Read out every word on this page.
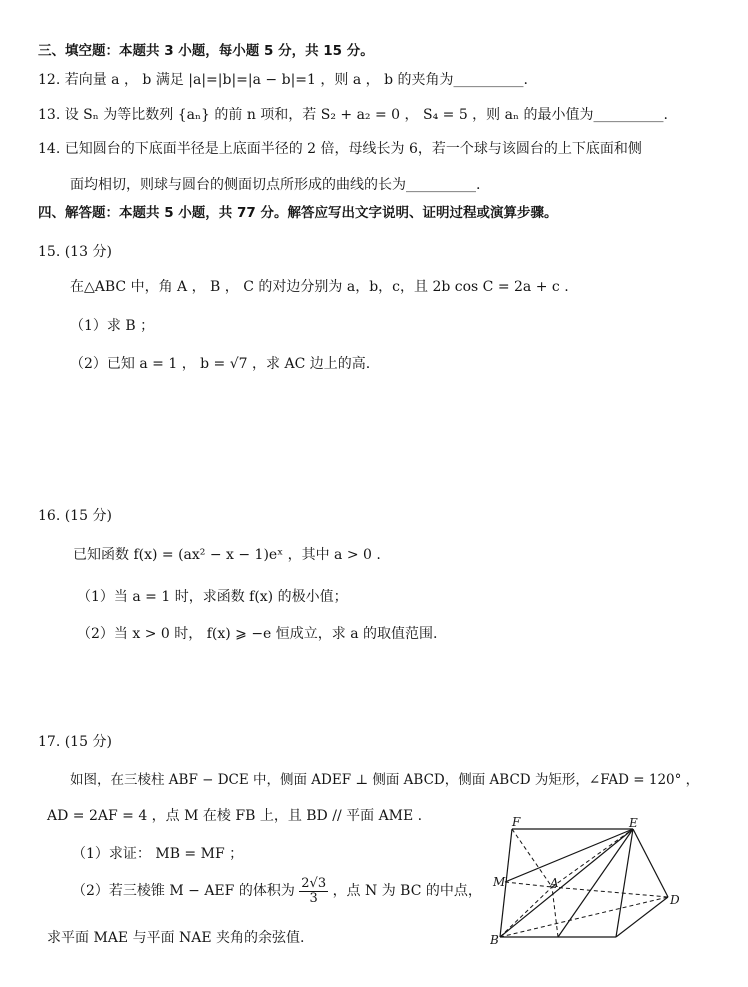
三、填空题：本题共 3 小题，每小题 5 分，共 15 分。
12. 若向量 a ， b 满足 |a|=|b|=|a − b|=1 ，则 a ， b 的夹角为__________.
13. 设 Sₙ 为等比数列 {aₙ} 的前 n 项和，若 S₂ + a₂ = 0 ， S₄ = 5 ，则 aₙ 的最小值为__________.
14. 已知圆台的下底面半径是上底面半径的 2 倍，母线长为 6，若一个球与该圆台的上下底面和侧
面均相切，则球与圆台的侧面切点所形成的曲线的长为__________.
四、解答题：本题共 5 小题，共 77 分。解答应写出文字说明、证明过程或演算步骤。
15. (13 分)
在△ABC 中，角 A ， B ， C 的对边分别为 a，b，c，且 2b cos C = 2a + c .
（1）求 B ；
（2）已知 a = 1 ， b = √7 ，求 AC 边上的高.
16. (15 分)
已知函数 f(x) = (ax² − x − 1)eˣ ，其中 a > 0 .
（1）当 a = 1 时，求函数 f(x) 的极小值；
（2）当 x > 0 时， f(x) ⩾ −e 恒成立，求 a 的取值范围.
17. (15 分)
如图，在三棱柱 ABF − DCE 中，侧面 ADEF ⊥ 侧面 ABCD，侧面 ABCD 为矩形，∠FAD = 120° ，
AD = 2AF = 4 ，点 M 在棱 FB 上，且 BD // 平面 AME .
（1）求证： MB = MF ；
（2）若三棱锥 M − AEF 的体积为 $\frac{2√3}{3}$ ，点 N 为 BC 的中点，
求平面 MAE 与平面 NAE 夹角的余弦值.
F	E
M	A
D
B
